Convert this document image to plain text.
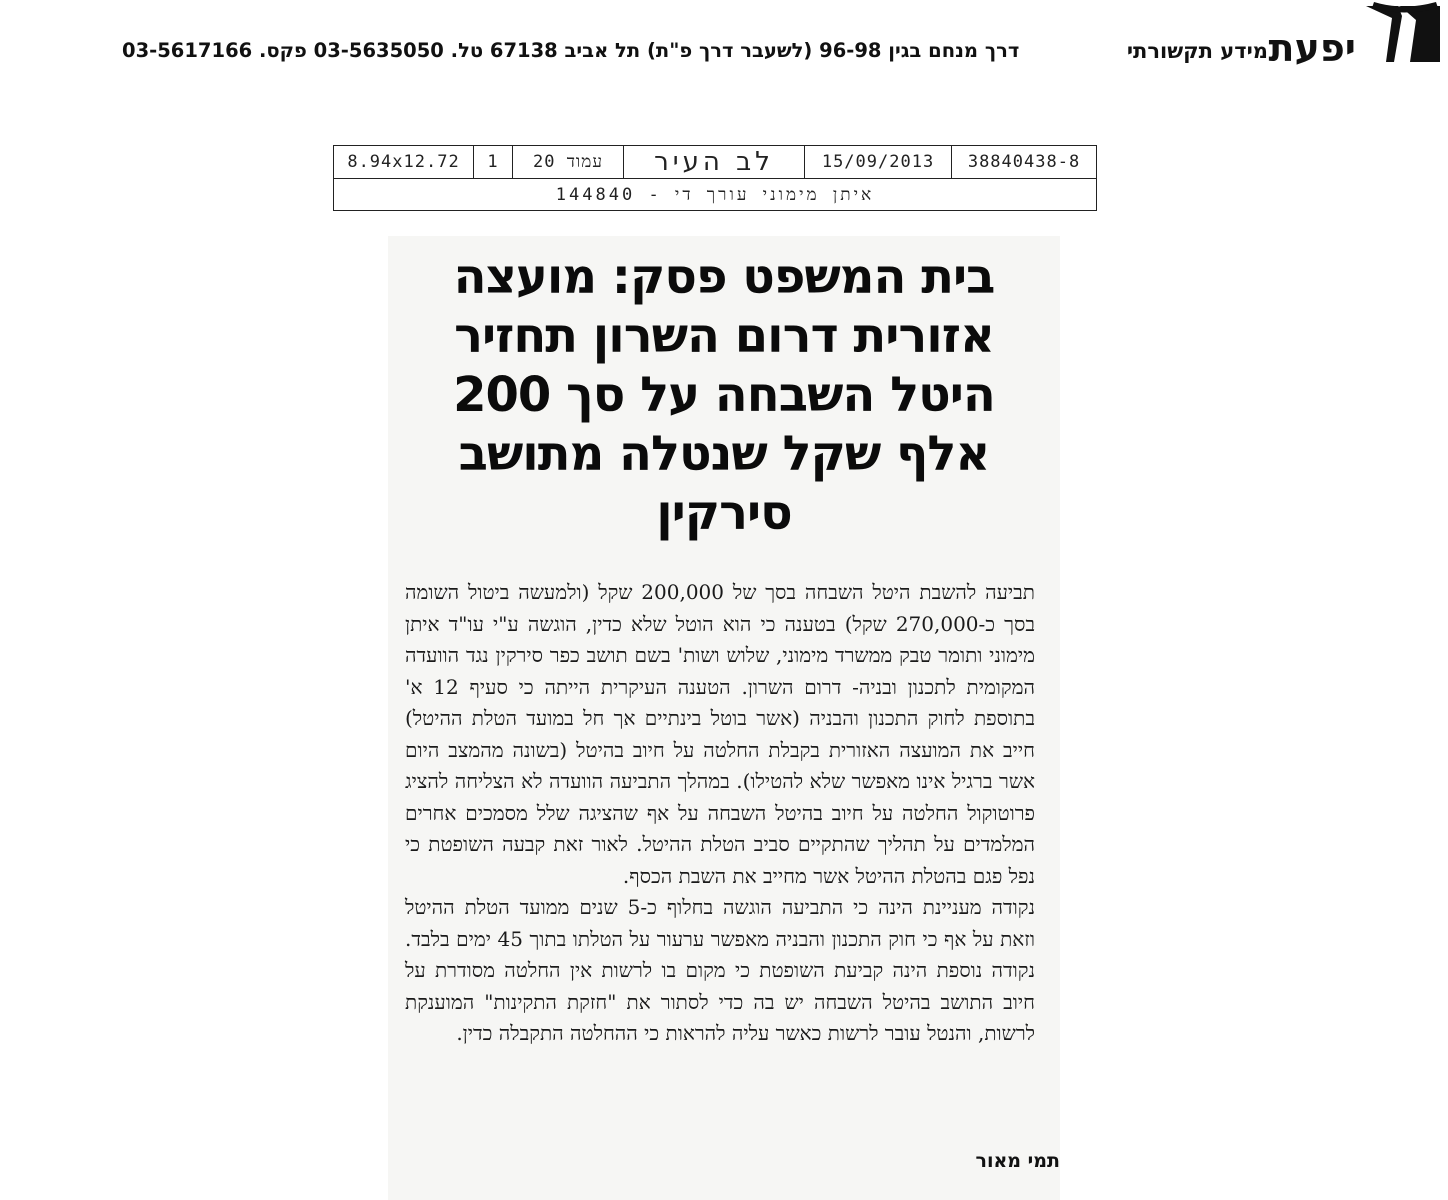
יפעת
מידע תקשורתי
דרך מנחם בגין 96-98 (לשעבר דרך פ"ת) תל אביב 67138 טל. 03-5635050 פקס. 03-5617166
38840438-8
15/09/2013
לב העיר
עמוד 20
1
8.94x12.72
איתן מימוני עורך די - 144840
בית המשפט פסק: מועצה
אזורית דרום השרון תחזיר
היטל השבחה על סך 200
אלף שקל שנטלה מתושב
סירקין

תביעה להשבת היטל השבחה בסך של 200,000 שקל (ולמעשה ביטול השומה בסך כ-270,000 שקל) בטענה כי הוא הוטל שלא כדין, הוגשה ע"י עו"ד איתן מימוני ותומר טבק ממשרד מימוני, שלוש ושות' בשם תושב כפר סירקין נגד הוועדה המקומית לתכנון ובניה- דרום השרון. הטענה העיקרית הייתה כי סעיף 12 א' בתוספת לחוק התכנון והבניה (אשר בוטל בינתיים אך חל במועד הטלת ההיטל) חייב את המועצה האזורית בקבלת החלטה על חיוב בהיטל (בשונה מהמצב היום אשר ברגיל אינו מאפשר שלא להטילו). במהלך התביעה הוועדה לא הצליחה להציג פרוטוקול החלטה על חיוב בהיטל השבחה על אף שהציגה שלל מסמכים אחרים המלמדים על תהליך שהתקיים סביב הטלת ההיטל. לאור זאת קבעה השופטת כי נפל פגם בהטלת ההיטל אשר מחייב את השבת הכסף.

נקודה מעניינת הינה כי התביעה הוגשה בחלוף כ-5 שנים ממועד הטלת ההיטל וזאת על אף כי חוק התכנון והבניה מאפשר ערעור על הטלתו בתוך 45 ימים בלבד. נקודה נוספת הינה קביעת השופטת כי מקום בו לרשות אין החלטה מסודרת על חיוב התושב בהיטל השבחה יש בה כדי לסתור את "חזקת התקינות" המוענקת לרשות, והנטל עובר לרשות כאשר עליה להראות כי ההחלטה התקבלה כדין.

תמי מאור
